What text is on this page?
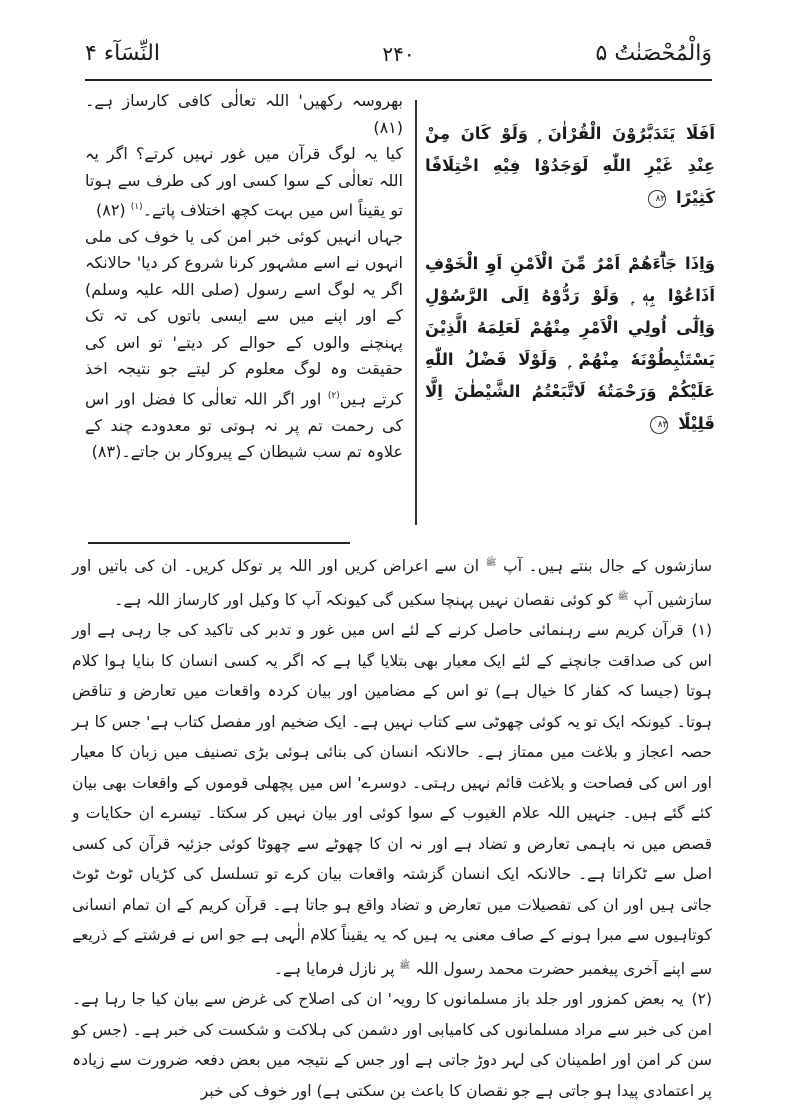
وَالْمُحْصَنٰتُ ۵
۲۴۰
النِّسَآء ۴

اَفَلَا يَتَدَبَّرُوْنَ الْقُرْاٰنَ ۭ وَلَوْ كَانَ مِنْ عِنْدِ غَيْرِ اللّٰهِ لَوَجَدُوْا فِيْهِ اخْتِلَافًا كَثِيْرًا ۸۲

وَاِذَا جَاۗءَھُمْ اَمْرٌ مِّنَ الْاَمْنِ اَوِ الْخَوْفِ اَذَاعُوْا بِهٖ ۭ وَلَوْ رَدُّوْهُ اِلَى الرَّسُوْلِ وَاِلٰٓى اُولِي الْاَمْرِ مِنْھُمْ لَعَلِمَهُ الَّذِيْنَ يَسْتَنْۢبِطُوْنَهٗ مِنْھُمْ ۭ وَلَوْلَا فَضْلُ اللّٰهِ عَلَيْكُمْ وَرَحْمَتُهٗ لَاتَّبَعْتُمُ الشَّيْطٰنَ اِلَّا قَلِيْلًا ۸۳

بھروسہ رکھیں' اللہ تعالٰی کافی کارساز ہے۔(۸۱)

کیا یہ لوگ قرآن میں غور نہیں کرتے؟ اگر یہ اللہ تعالٰی کے سوا کسی اور کی طرف سے ہوتا تو یقیناً اس میں بہت کچھ اختلاف پاتے۔$^{(۱)}$ (۸۲)

جہاں انہیں کوئی خبر امن کی یا خوف کی ملی انہوں نے اسے مشہور کرنا شروع کر دیا' حالانکہ اگر یہ لوگ اسے رسول (صلی اللہ علیہ وسلم) کے اور اپنے میں سے ایسی باتوں کی تہ تک پہنچنے والوں کے حوالے کر دیتے' تو اس کی حقیقت وہ لوگ معلوم کر لیتے جو نتیجہ اخذ کرتے ہیں$^{(۲)}$ اور اگر اللہ تعالٰی کا فضل اور اس کی رحمت تم پر نہ ہوتی تو معدودے چند کے علاوہ تم سب شیطان کے پیروکار بن جاتے۔(۸۳)

سازشوں کے جال بنتے ہیں۔ آپ $^ﷺ$ ان سے اعراض کریں اور اللہ پر توکل کریں۔ ان کی باتیں اور سازشیں آپ $^ﷺ$ کو کوئی نقصان نہیں پہنچا سکیں گی کیونکہ آپ کا وکیل اور کارساز اللہ ہے۔

(۱)قرآن کریم سے رہنمائی حاصل کرنے کے لئے اس میں غور و تدبر کی تاکید کی جا رہی ہے اور اس کی صداقت جانچنے کے لئے ایک معیار بھی بتلایا گیا ہے کہ اگر یہ کسی انسان کا بنایا ہوا کلام ہوتا (جیسا کہ کفار کا خیال ہے) تو اس کے مضامین اور بیان کردہ واقعات میں تعارض و تناقض ہوتا۔ کیونکہ ایک تو یہ کوئی چھوٹی سے کتاب نہیں ہے۔ ایک ضخیم اور مفصل کتاب ہے' جس کا ہر حصہ اعجاز و بلاغت میں ممتاز ہے۔ حالانکہ انسان کی بنائی ہوئی بڑی تصنیف میں زبان کا معیار اور اس کی فصاحت و بلاغت قائم نہیں رہتی۔ دوسرے' اس میں پچھلی قوموں کے واقعات بھی بیان کئے گئے ہیں۔ جنہیں اللہ علام الغیوب کے سوا کوئی اور بیان نہیں کر سکتا۔ تیسرے ان حکایات و قصص میں نہ باہمی تعارض و تضاد ہے اور نہ ان کا چھوٹے سے چھوٹا کوئی جزئیہ قرآن کی کسی اصل سے ٹکراتا ہے۔ حالانکہ ایک انسان گزشتہ واقعات بیان کرے تو تسلسل کی کڑیاں ٹوٹ ٹوٹ جاتی ہیں اور ان کی تفصیلات میں تعارض و تضاد واقع ہو جاتا ہے۔ قرآن کریم کے ان تمام انسانی کوتاہیوں سے مبرا ہونے کے صاف معنی یہ ہیں کہ یہ یقیناً کلام الٰہی ہے جو اس نے فرشتے کے ذریعے سے اپنے آخری پیغمبر حضرت محمد رسول اللہ $^ﷺ$ پر نازل فرمایا ہے۔

(۲)یہ بعض کمزور اور جلد باز مسلمانوں کا رویہ' ان کی اصلاح کی غرض سے بیان کیا جا رہا ہے۔ امن کی خبر سے مراد مسلمانوں کی کامیابی اور دشمن کی ہلاکت و شکست کی خبر ہے۔ (جس کو سن کر امن اور اطمینان کی لہر دوڑ جاتی ہے اور جس کے نتیجہ میں بعض دفعہ ضرورت سے زیادہ پر اعتمادی پیدا ہو جاتی ہے جو نقصان کا باعث بن سکتی ہے) اور خوف کی خبر
